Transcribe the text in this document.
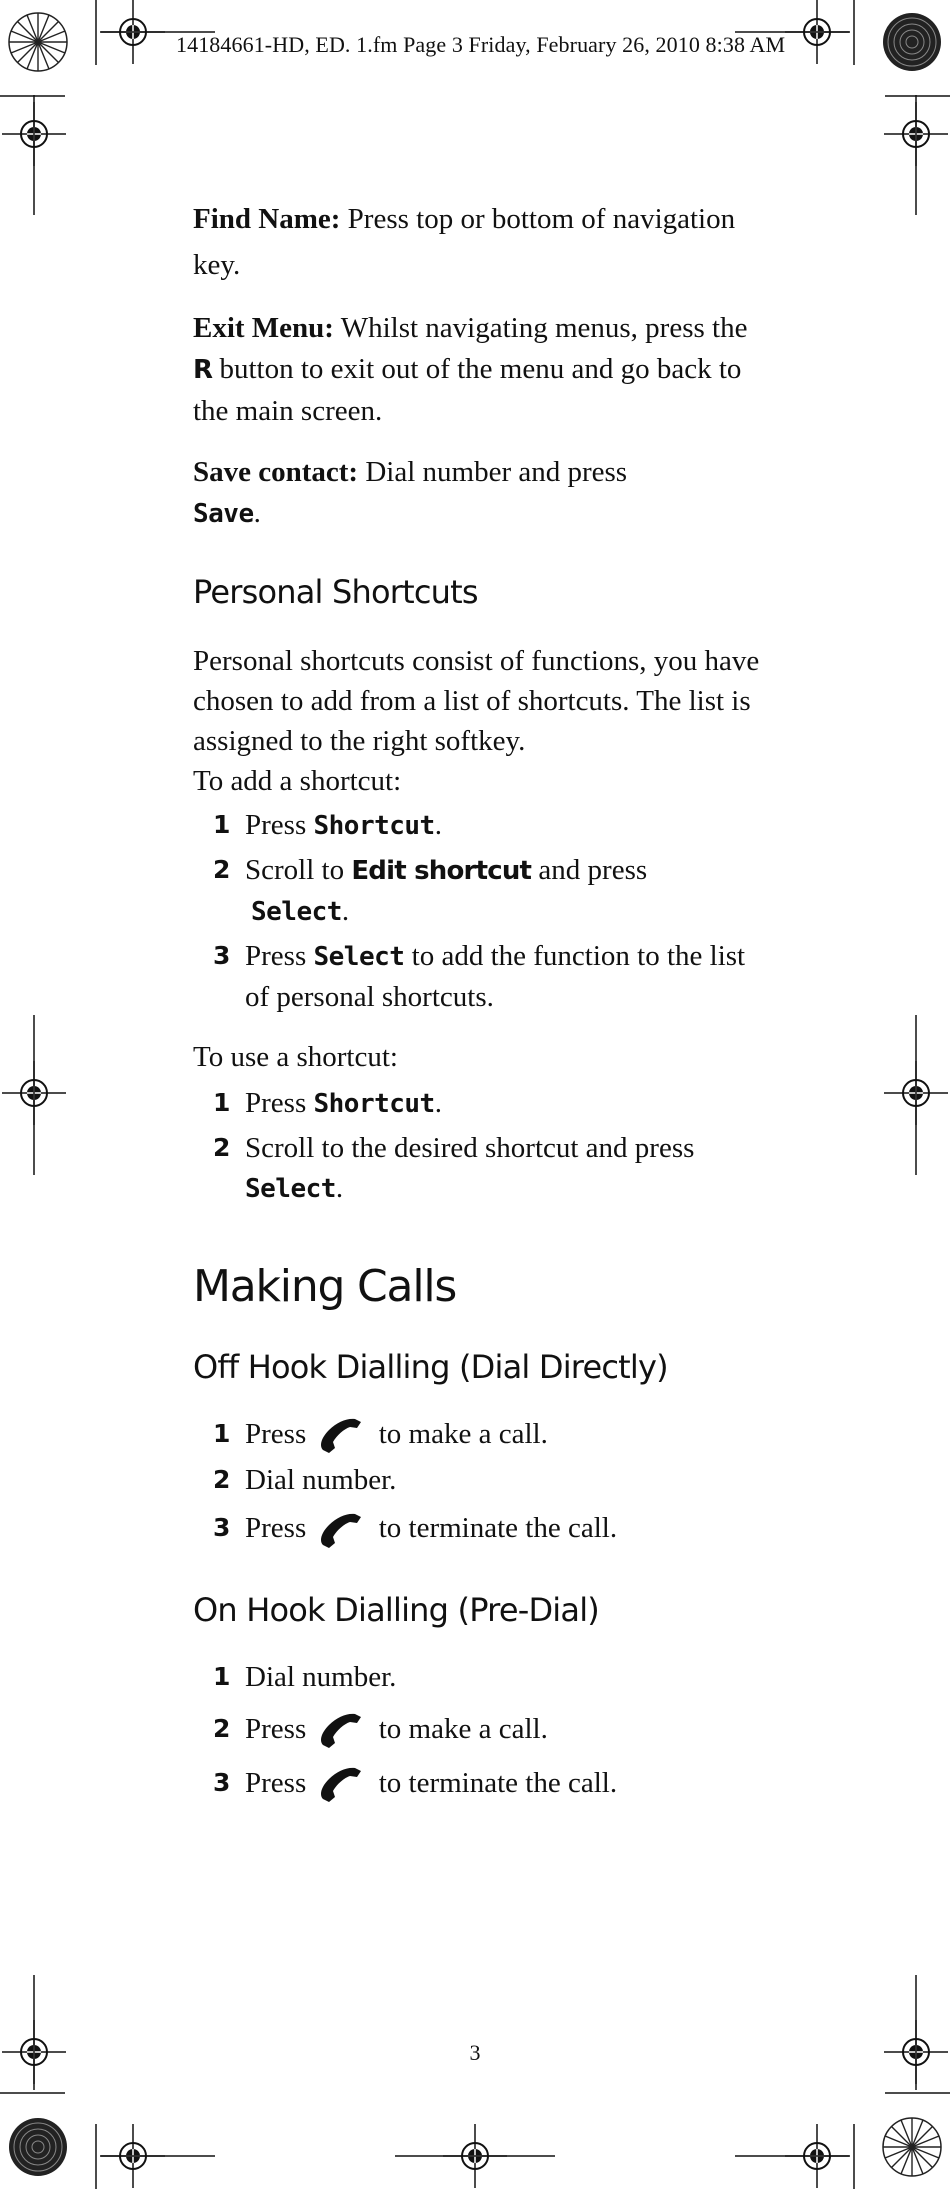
14184661-HD, ED. 1.fm Page 3 Friday, February 26, 2010 8:38 AM

Find Name: Press top or bottom of navigation key.

Exit Menu: Whilst navigating menus, press the R button to exit out of the menu and go back to the main screen.

Save contact: Dial number and press
Save.

Personal Shortcuts

Personal shortcuts consist of functions, you have chosen to add from a list of shortcuts. The list is assigned to the right softkey.

To add a shortcut:

1 Press Shortcut.
2 Scroll to Edit shortcut and press
Select.
3 Press Select to add the function to the list of personal shortcuts.

To use a shortcut:

1 Press Shortcut.
2 Scroll to the desired shortcut and press Select.
Making Calls
Off Hook Dialling (Dial Directly)
1 Press	to make a call.
2 Dial number.
3 Press	to terminate the call.
On Hook Dialling (Pre-Dial)
1 Dial number.
2 Press	to make a call.
3 Press	to terminate the call.
3
